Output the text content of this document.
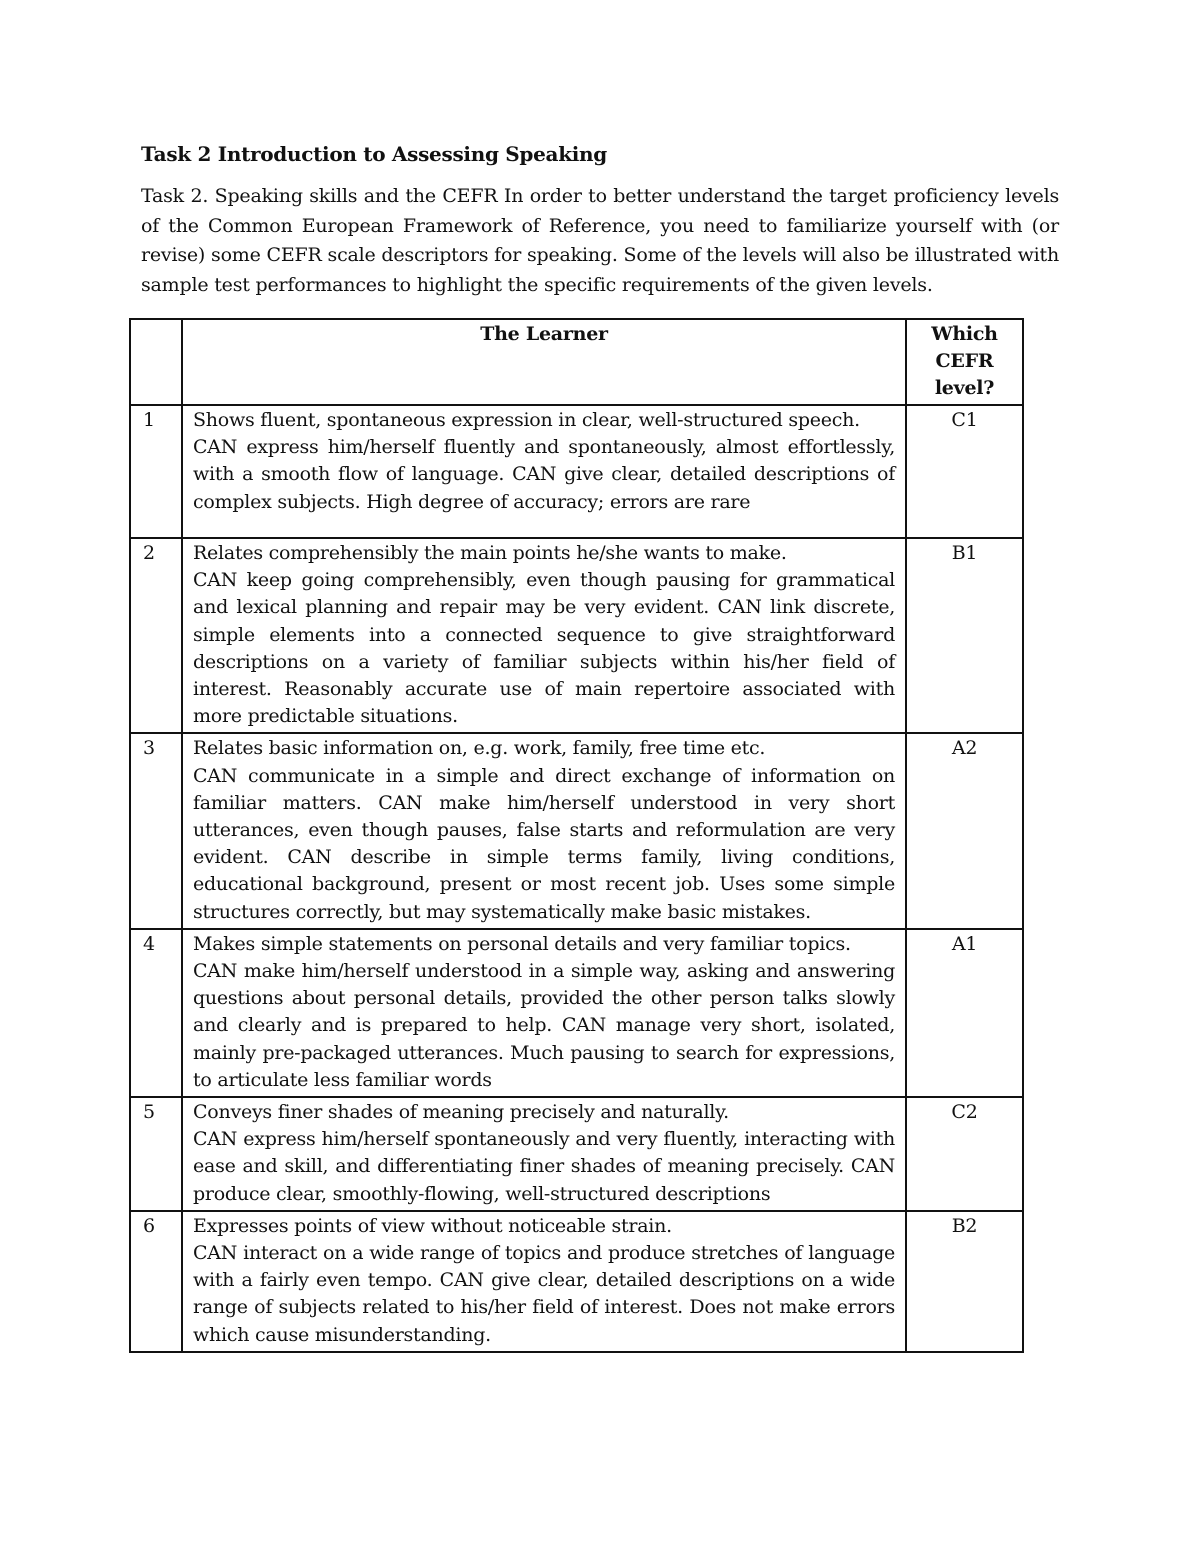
Task 2 Introduction to Assessing Speaking

Task 2. Speaking skills and the CEFR In order to better understand the target proficiency levels of the Common European Framework of Reference, you need to familiarize yourself with (or revise) some CEFR scale descriptors for speaking. Some of the levels will also be illustrated with sample test performances to highlight the specific requirements of the given levels.

	The Learner	Which CEFR level?
1	Shows fluent, spontaneous expression in clear, well-structured speech.
CAN express him/herself fluently and spontaneously, almost effortlessly, with a smooth flow of language. CAN give clear, detailed descriptions of complex subjects. High degree of accuracy; errors are rare	C1
2	Relates comprehensibly the main points he/she wants to make.
CAN keep going comprehensibly, even though pausing for grammatical and lexical planning and repair may be very evident. CAN link discrete, simple elements into a connected sequence to give straightforward descriptions on a variety of familiar subjects within his/her field of interest. Reasonably accurate use of main repertoire associated with more predictable situations.	B1
3	Relates basic information on, e.g. work, family, free time etc.
CAN communicate in a simple and direct exchange of information on familiar matters. CAN make him/herself understood in very short utterances, even though pauses, false starts and reformulation are very evident. CAN describe in simple terms family, living conditions, educational background, present or most recent job. Uses some simple structures correctly, but may systematically make basic mistakes.	A2
4	Makes simple statements on personal details and very familiar topics.
CAN make him/herself understood in a simple way, asking and answering questions about personal details, provided the other person talks slowly and clearly and is prepared to help. CAN manage very short, isolated, mainly pre-packaged utterances. Much pausing to search for expressions, to articulate less familiar words	A1
5	Conveys finer shades of meaning precisely and naturally.
CAN express him/herself spontaneously and very fluently, interacting with ease and skill, and differentiating finer shades of meaning precisely. CAN produce clear, smoothly-flowing, well-structured descriptions	C2
6	Expresses points of view without noticeable strain.
CAN interact on a wide range of topics and produce stretches of language with a fairly even tempo. CAN give clear, detailed descriptions on a wide range of subjects related to his/her field of interest. Does not make errors which cause misunderstanding.	B2
